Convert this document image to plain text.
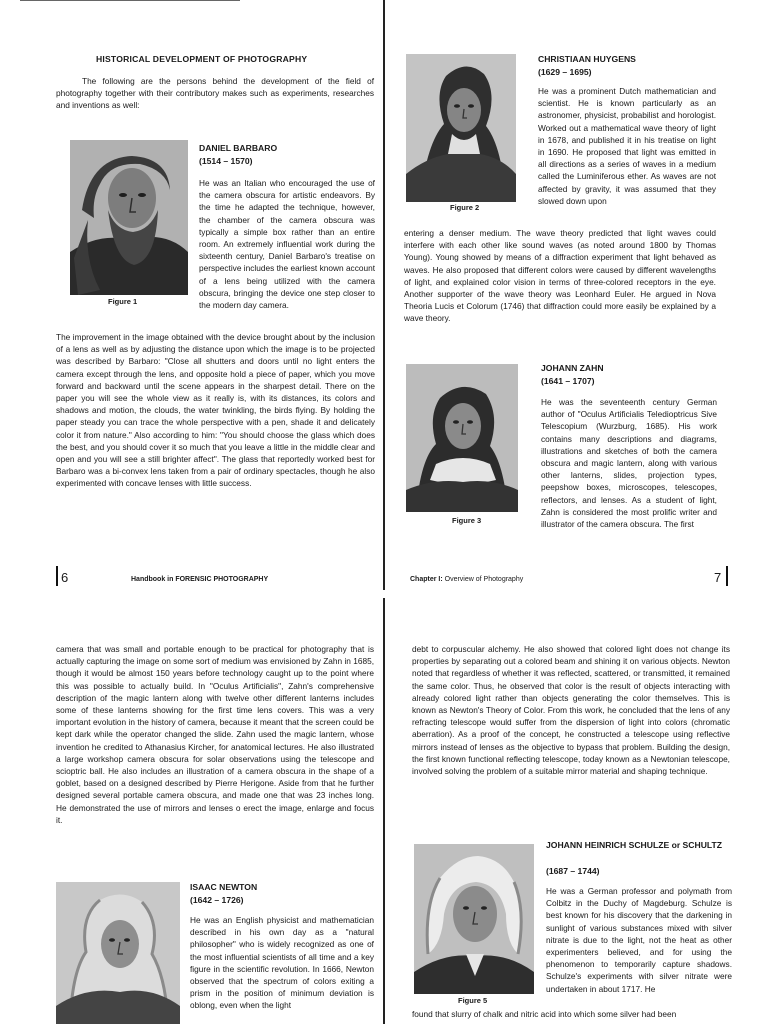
HISTORICAL DEVELOPMENT OF PHOTOGRAPHY

The following are the persons behind the development of the field of photography together with their contributory makes such as experiments, researches and inventions as well:

Figure 1
DANIEL BARBARO
(1514 – 1570)

He was an Italian who encouraged the use of the camera obscura for artistic endeavors. By the time he adapted the technique, however, the chamber of the camera obscura was typically a simple box rather than an entire room. An extremely influential work during the sixteenth century, Daniel Barbaro's treatise on perspective includes the earliest known account of a lens being utilized with the camera obscura, bringing the device one step closer to the modern day camera.

The improvement in the image obtained with the device brought about by the inclusion of a lens as well as by adjusting the distance upon which the image is to be projected was described by Barbaro: "Close all shutters and doors until no light enters the camera except through the lens, and opposite hold a piece of paper, which you move forward and backward until the scene appears in the sharpest detail. There on the paper you will see the whole view as it really is, with its distances, its colors and shadows and motion, the clouds, the water twinkling, the birds flying. By holding the paper steady you can trace the whole perspective with a pen, shade it and delicately color it from nature." Also according to him: "You should choose the glass which does the best, and you should cover it so much that you leave a little in the middle clear and open and you will see a still brighter affect". The glass that reportedly worked best for Barbaro was a bi-convex lens taken from a pair of ordinary spectacles, though he also experimented with concave lenses with little success.

6	Handbook in FORENSIC PHOTOGRAPHY
Figure 2
CHRISTIAAN HUYGENS
(1629 – 1695)

He was a prominent Dutch mathematician and scientist. He is known particularly as an astronomer, physicist, probabilist and horologist. Worked out a mathematical wave theory of light in 1678, and published it in his treatise on light in 1690. He proposed that light was emitted in all directions as a series of waves in a medium called the Luminiferous ether. As waves are not affected by gravity, it was assumed that they slowed down upon

entering a denser medium. The wave theory predicted that light waves could interfere with each other like sound waves (as noted around 1800 by Thomas Young). Young showed by means of a diffraction experiment that light behaved as waves. He also proposed that different colors were caused by different wavelengths of light, and explained color vision in terms of three-colored receptors in the eye. Another supporter of the wave theory was Leonhard Euler. He argued in Nova Theoria Lucis et Colorum (1746) that diffraction could more easily be explained by a wave theory.

Figure 3
JOHANN ZAHN
(1641 – 1707)

He was the seventeenth century German author of "Oculus Artificialis Teledioptricus Sive Telescopium (Wurzburg, 1685). His work contains many descriptions and diagrams, illustrations and sketches of both the camera obscura and magic lantern, along with various other lanterns, slides, projection types, peepshow boxes, microscopes, telescopes, reflectors, and lenses. As a student of light, Zahn is considered the most prolific writer and illustrator of the camera obscura. The first

Chapter I: Overview of Photography	7

camera that was small and portable enough to be practical for photography that is actually capturing the image on some sort of medium was envisioned by Zahn in 1685, though it would be almost 150 years before technology caught up to the point where this was possible to actually build. In "Oculus Artificialis", Zahn's comprehensive description of the magic lantern along with twelve other different lanterns includes some of these lanterns showing for the first time lens covers. This was a very important evolution in the history of camera, because it meant that the screen could be kept dark while the operator changed the slide. Zahn used the magic lantern, whose invention he credited to Athanasius Kircher, for anatomical lectures. He also illustrated a large workshop camera obscura for solar observations using the telescope and scioptric ball. He also includes an illustration of a camera obscura in the shape of a goblet, based on a designed described by Pierre Herigone. Aside from that he further designed several portable camera obscura, and made one that was 23 inches long. He demonstrated the use of mirrors and lenses o erect the image, enlarge and focus it.

ISAAC NEWTON
(1642 – 1726)

He was an English physicist and mathematician described in his own day as a "natural philosopher" who is widely recognized as one of the most influential scientists of all time and a key figure in the scientific revolution. In 1666, Newton observed that the spectrum of colors exiting a prism in the position of minimum deviation is oblong, even when the light

debt to corpuscular alchemy. He also showed that colored light does not change its properties by separating out a colored beam and shining it on various objects. Newton noted that regardless of whether it was reflected, scattered, or transmitted, it remained the same color. Thus, he observed that color is the result of objects interacting with already colored light rather than objects generating the color themselves. This is known as Newton's Theory of Color. From this work, he concluded that the lens of any refracting telescope would suffer from the dispersion of light into colors (chromatic aberration). As a proof of the concept, he constructed a telescope using reflective mirrors instead of lenses as the objective to bypass that problem. Building the design, the first known functional reflecting telescope, today known as a Newtonian telescope, involved solving the problem of a suitable mirror material and shaping technique.

Figure 5
JOHANN HEINRICH SCHULZE or SCHULTZ
(1687 – 1744)

He was a German professor and polymath from Colbitz in the Duchy of Magdeburg. Schulze is best known for his discovery that the darkening in sunlight of various substances mixed with silver nitrate is due to the light, not the heat as other experimenters believed, and for using the phenomenon to temporarily capture shadows. Schulze's experiments with silver nitrate were undertaken in about 1717. He

found that slurry of chalk and nitric acid into which some silver had been
